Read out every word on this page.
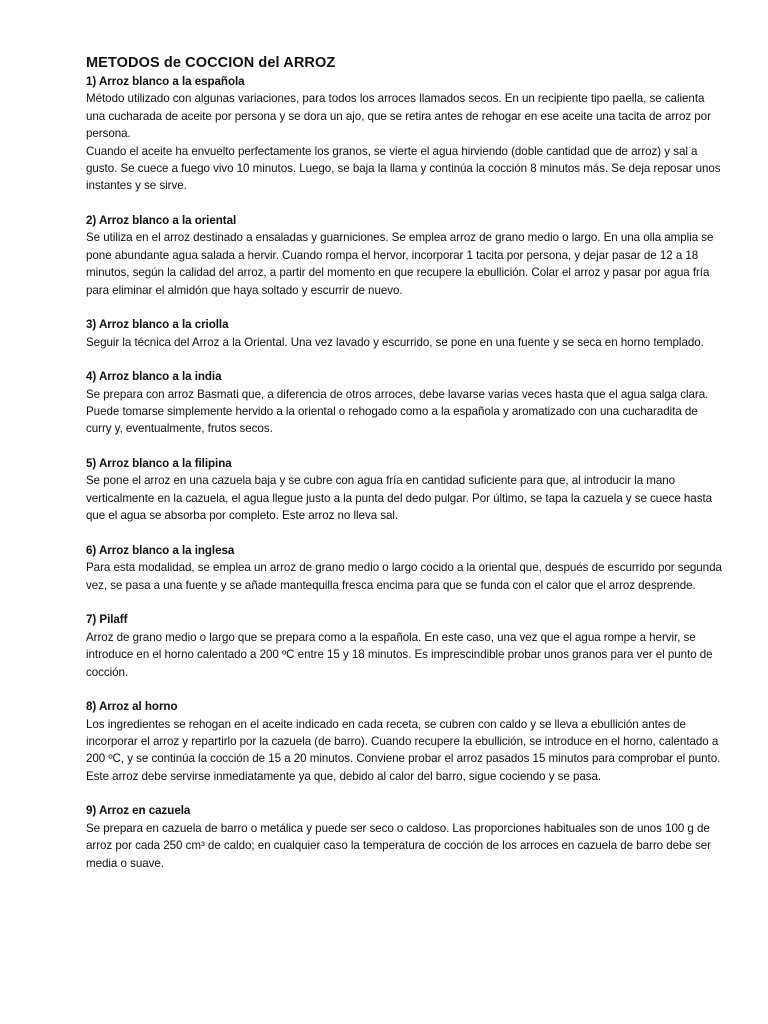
METODOS de COCCION del ARROZ
1) Arroz blanco a la española

Método utilizado con algunas variaciones, para todos los arroces llamados secos. En un recipiente tipo paella, se calienta una cucharada de aceite por persona y se dora un ajo, que se retira antes de rehogar en ese aceite una tacita de arroz por persona.

Cuando el aceite ha envuelto perfectamente los granos, se vierte el agua hirviendo (doble cantidad que de arroz) y sal a gusto. Se cuece a fuego vivo 10 minutos. Luego, se baja la llama y continúa la cocción 8 minutos más. Se deja reposar unos instantes y se sirve.

2) Arroz blanco a la oriental

Se utiliza en el arroz destinado a ensaladas y guarniciones. Se emplea arroz de grano medio o largo. En una olla amplia se pone abundante agua salada a hervir. Cuando rompa el hervor, incorporar 1 tacita por persona, y dejar pasar de 12 a 18 minutos, según la calidad del arroz, a partir del momento en que recupere la ebullición. Colar el arroz y pasar por agua fría para eliminar el almidón que haya soltado y escurrir de nuevo.

3) Arroz blanco a la criolla

Seguir la técnica del Arroz a la Oriental. Una vez lavado y escurrido, se pone en una fuente y se seca en horno templado.

4) Arroz blanco a la india

Se prepara con arroz Basmati que, a diferencia de otros arroces, debe lavarse varias veces hasta que el agua salga clara. Puede tomarse simplemente hervido a la oriental o rehogado como a la española y aromatizado con una cucharadita de curry y, eventualmente, frutos secos.

5) Arroz blanco a la filipina

Se pone el arroz en una cazuela baja y se cubre con agua fría en cantidad suficiente para que, al introducir la mano verticalmente en la cazuela, el agua llegue justo a la punta del dedo pulgar. Por último, se tapa la cazuela y se cuece hasta que el agua se absorba por completo. Este arroz no lleva sal.

6) Arroz blanco a la inglesa

Para esta modalidad, se emplea un arroz de grano medio o largo cocido a la oriental que, después de escurrido por segunda vez, se pasa a una fuente y se añade mantequilla fresca encima para que se funda con el calor que el arroz desprende.

7) Pilaff

Arroz de grano medio o largo que se prepara como a la española. En este caso, una vez que el agua rompe a hervir, se introduce en el horno calentado a 200 ºC entre 15 y 18 minutos. Es imprescindible probar unos granos para ver el punto de cocción.

8) Arroz al horno

Los ingredientes se rehogan en el aceite indicado en cada receta, se cubren con caldo y se lleva a ebullición antes de incorporar el arroz y repartirlo por la cazuela (de barro). Cuando recupere la ebullición, se introduce en el horno, calentado a 200 ºC, y se continúa la cocción de 15 a 20 minutos. Conviene probar el arroz pasados 15 minutos para comprobar el punto.

Este arroz debe servirse inmediatamente ya que, debido al calor del barro, sigue cociendo y se pasa.

9) Arroz en cazuela

Se prepara en cazuela de barro o metálica y puede ser seco o caldoso. Las proporciones habituales son de unos 100 g de arroz por cada 250 cm³ de caldo; en cualquier caso la temperatura de cocción de los arroces en cazuela de barro debe ser media o suave.
